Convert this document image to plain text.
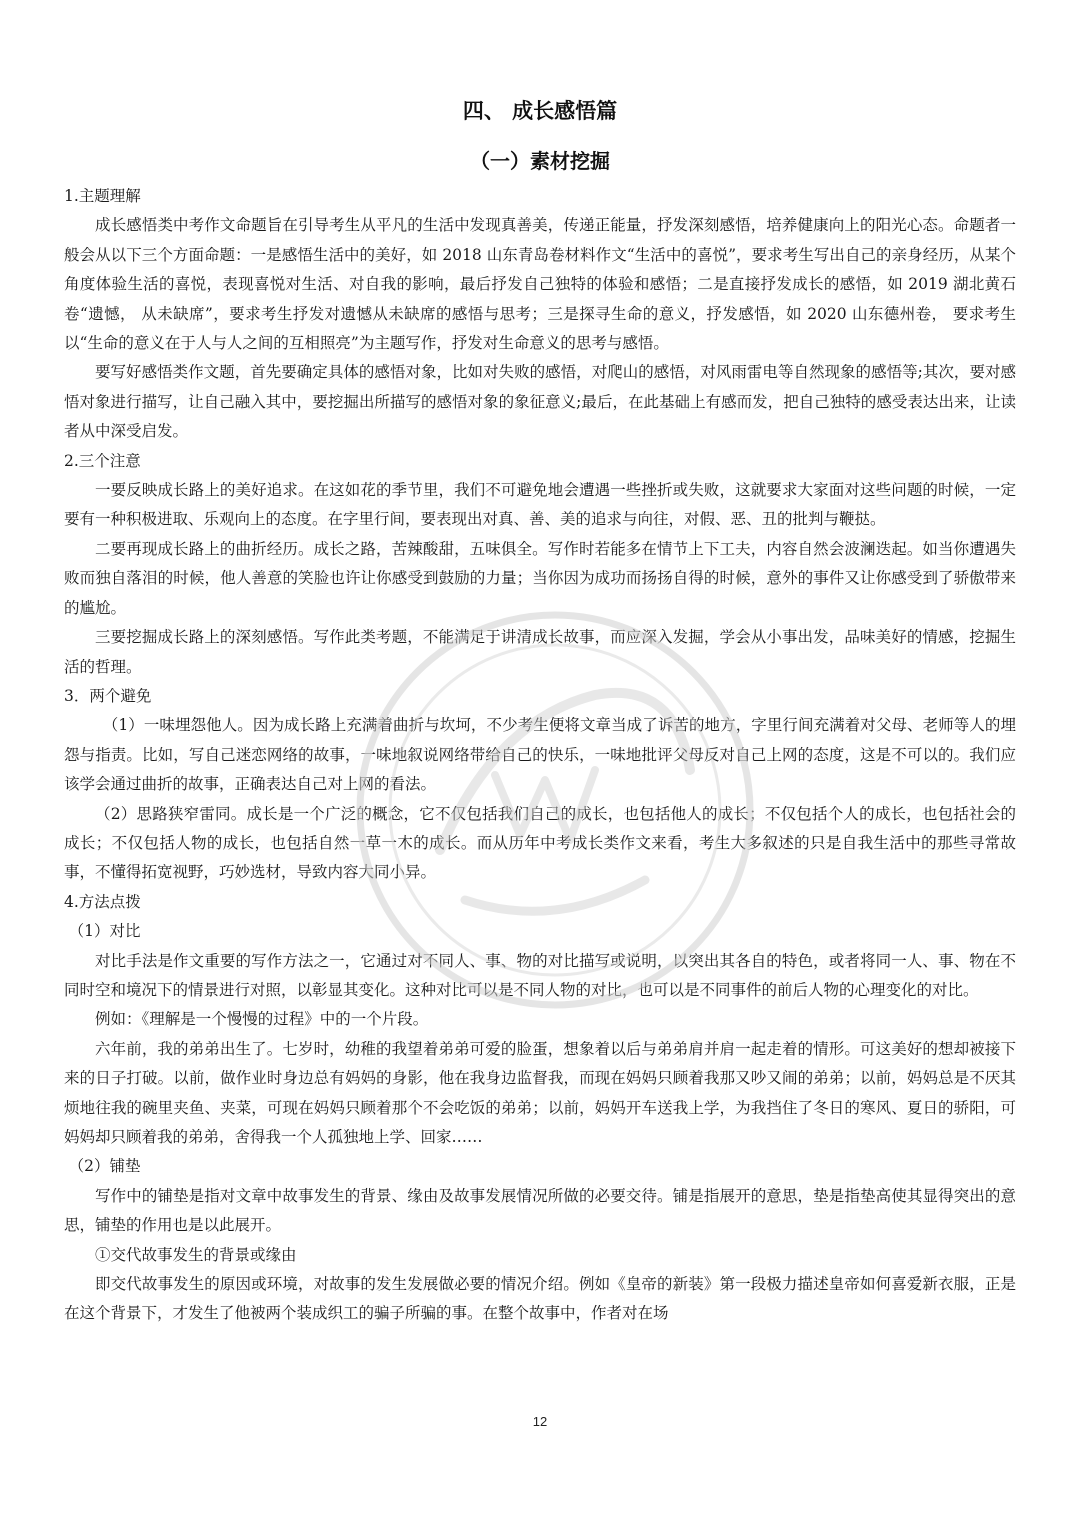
四、 成长感悟篇
（一）素材挖掘

1.主题理解

成长感悟类中考作文命题旨在引导考生从平凡的生活中发现真善美，传递正能量，抒发深刻感悟，培养健康向上的阳光心态。命题者一般会从以下三个方面命题：一是感悟生活中的美好，如 2018 山东青岛卷材料作文“生活中的喜悦”，要求考生写出自己的亲身经历，从某个角度体验生活的喜悦，表现喜悦对生活、对自我的影响，最后抒发自己独特的体验和感悟；二是直接抒发成长的感悟，如 2019 湖北黄石卷“遗憾， 从未缺席”，要求考生抒发对遗憾从未缺席的感悟与思考；三是探寻生命的意义，抒发感悟，如 2020 山东德州卷， 要求考生以“生命的意义在于人与人之间的互相照亮”为主题写作，抒发对生命意义的思考与感悟。

要写好感悟类作文题，首先要确定具体的感悟对象，比如对失败的感悟，对爬山的感悟，对风雨雷电等自然现象的感悟等;其次，要对感悟对象进行描写，让自己融入其中，要挖掘出所描写的感悟对象的象征意义;最后，在此基础上有感而发，把自己独特的感受表达出来，让读者从中深受启发。

2.三个注意

一要反映成长路上的美好追求。在这如花的季节里，我们不可避免地会遭遇一些挫折或失败，这就要求大家面对这些问题的时候，一定要有一种积极进取、乐观向上的态度。在字里行间，要表现出对真、善、美的追求与向往，对假、恶、丑的批判与鞭挞。

二要再现成长路上的曲折经历。成长之路，苦辣酸甜，五味俱全。写作时若能多在情节上下工夫，内容自然会波澜迭起。如当你遭遇失败而独自落泪的时候，他人善意的笑脸也许让你感受到鼓励的力量；当你因为成功而扬扬自得的时候，意外的事件又让你感受到了骄傲带来的尴尬。

三要挖掘成长路上的深刻感悟。写作此类考题，不能满足于讲清成长故事，而应深入发掘，学会从小事出发，品味美好的情感，挖掘生活的哲理。

3．两个避免

（1）一味埋怨他人。因为成长路上充满着曲折与坎坷，不少考生便将文章当成了诉苦的地方，字里行间充满着对父母、老师等人的埋怨与指责。比如，写自己迷恋网络的故事，一味地叙说网络带给自己的快乐，一味地批评父母反对自己上网的态度，这是不可以的。我们应该学会通过曲折的故事，正确表达自己对上网的看法。

（2）思路狭窄雷同。成长是一个广泛的概念，它不仅包括我们自己的成长，也包括他人的成长；不仅包括个人的成长，也包括社会的成长；不仅包括人物的成长，也包括自然一草一木的成长。而从历年中考成长类作文来看，考生大多叙述的只是自我生活中的那些寻常故事，不懂得拓宽视野，巧妙选材，导致内容大同小异。

4.方法点拨

（1）对比

对比手法是作文重要的写作方法之一，它通过对不同人、事、物的对比描写或说明，以突出其各自的特色，或者将同一人、事、物在不同时空和境况下的情景进行对照，以彰显其变化。这种对比可以是不同人物的对比，也可以是不同事件的前后人物的心理变化的对比。

例如：《理解是一个慢慢的过程》中的一个片段。

六年前，我的弟弟出生了。七岁时，幼稚的我望着弟弟可爱的脸蛋，想象着以后与弟弟肩并肩一起走着的情形。可这美好的想却被接下来的日子打破。以前，做作业时身边总有妈妈的身影，他在我身边监督我，而现在妈妈只顾着我那又吵又闹的弟弟；以前，妈妈总是不厌其烦地往我的碗里夹鱼、夹菜，可现在妈妈只顾着那个不会吃饭的弟弟；以前，妈妈开车送我上学，为我挡住了冬日的寒风、夏日的骄阳，可妈妈却只顾着我的弟弟，舍得我一个人孤独地上学、回家……

（2）铺垫

写作中的铺垫是指对文章中故事发生的背景、缘由及故事发展情况所做的必要交待。铺是指展开的意思，垫是指垫高使其显得突出的意思，铺垫的作用也是以此展开。

①交代故事发生的背景或缘由

即交代故事发生的原因或环境，对故事的发生发展做必要的情况介绍。例如《皇帝的新装》第一段极力描述皇帝如何喜爱新衣服，正是在这个背景下，才发生了他被两个装成织工的骗子所骗的事。在整个故事中，作者对在场

12
